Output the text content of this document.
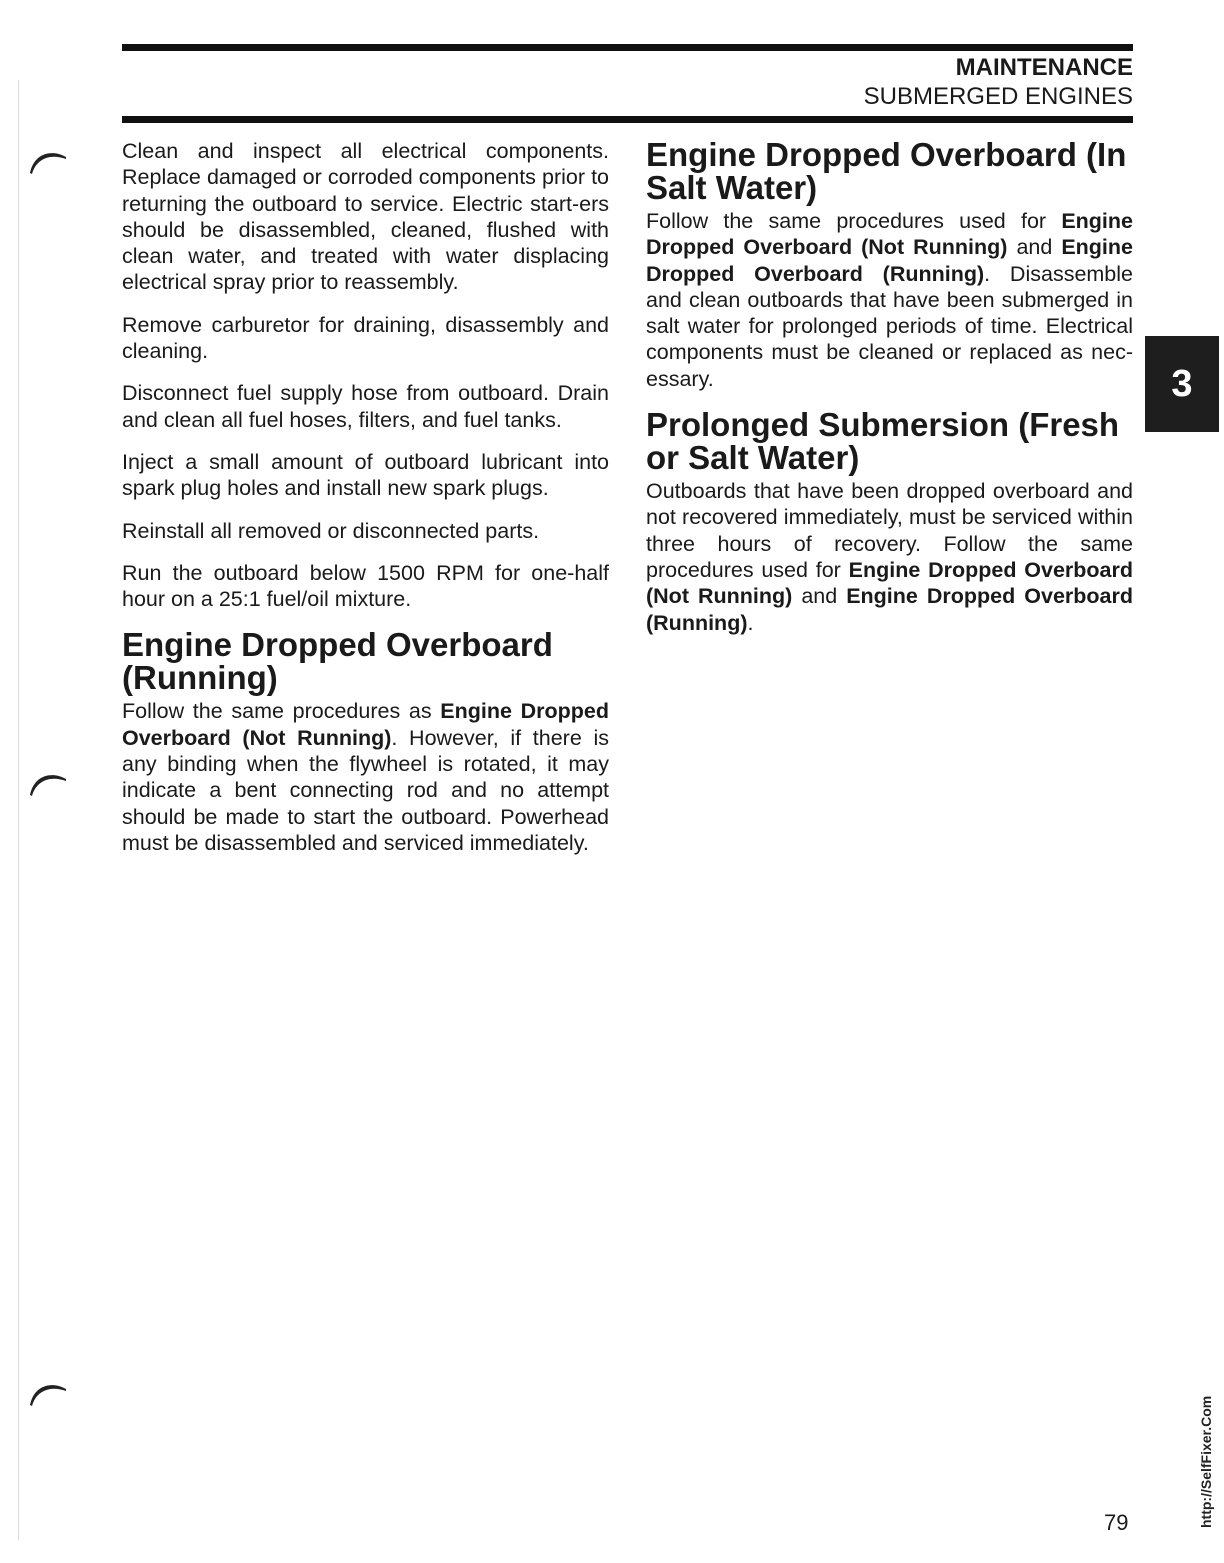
MAINTENANCE
SUBMERGED ENGINES

Clean and inspect all electrical components. Replace damaged or corroded components prior to returning the outboard to service. Electric start-ers should be disassembled, cleaned, flushed with clean water, and treated with water displacing electrical spray prior to reassembly.

Remove carburetor for draining, disassembly and cleaning.

Disconnect fuel supply hose from outboard. Drain and clean all fuel hoses, filters, and fuel tanks.

Inject a small amount of outboard lubricant into spark plug holes and install new spark plugs.

Reinstall all removed or disconnected parts.

Run the outboard below 1500 RPM for one-half hour on a 25:1 fuel/oil mixture.

Engine Dropped Overboard (Running)

Follow the same procedures as Engine Dropped Overboard (Not Running). However, if there is any binding when the flywheel is rotated, it may indicate a bent connecting rod and no attempt should be made to start the outboard. Powerhead must be disassembled and serviced immediately.

Engine Dropped Overboard (In Salt Water)

Follow the same procedures used for Engine Dropped Overboard (Not Running) and Engine Dropped Overboard (Running). Disassemble and clean outboards that have been submerged in salt water for prolonged periods of time. Electrical components must be cleaned or replaced as nec-essary.

Prolonged Submersion (Fresh or Salt Water)

Outboards that have been dropped overboard and not recovered immediately, must be serviced within three hours of recovery. Follow the same procedures used for Engine Dropped Overboard (Not Running) and Engine Dropped Overboard (Running).

3
79	http://SelfFixer.Com
